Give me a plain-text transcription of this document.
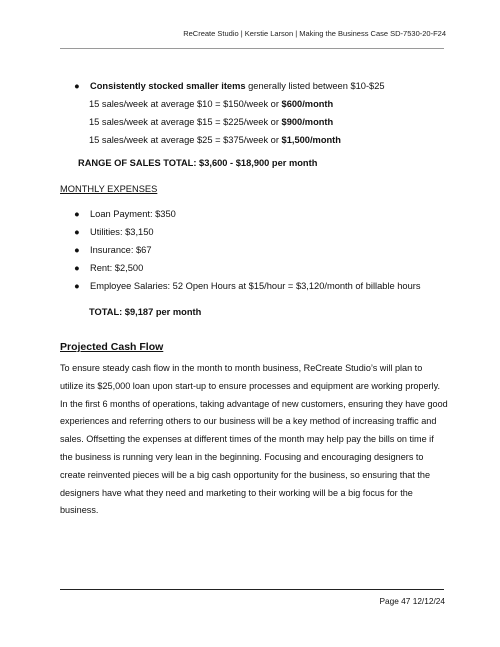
ReCreate Studio | Kerstie Larson | Making the Business Case SD-7530-20-F24
● Consistently stocked smaller items generally listed between $10-$25
15 sales/week at average $10 = $150/week or $600/month
15 sales/week at average $15 = $225/week or $900/month
15 sales/week at average $25 = $375/week or $1,500/month
RANGE OF SALES TOTAL: $3,600 - $18,900 per month
MONTHLY EXPENSES
● Loan Payment: $350
● Utilities: $3,150
● Insurance: $67
● Rent: $2,500
● Employee Salaries: 52 Open Hours at $15/hour = $3,120/month of billable hours
TOTAL: $9,187 per month
Projected Cash Flow
To ensure steady cash flow in the month to month business, ReCreate Studio’s will plan to utilize its $25,000 loan upon start-up to ensure processes and equipment are working properly. In the first 6 months of operations, taking advantage of new customers, ensuring they have good experiences and referring others to our business will be a key method of increasing traffic and sales. Offsetting the expenses at different times of the month may help pay the bills on time if the business is running very lean in the beginning. Focusing and encouraging designers to create reinvented pieces will be a big cash opportunity for the business, so ensuring that the designers have what they need and marketing to their working will be a big focus for the business.
Page 47 12/12/24
